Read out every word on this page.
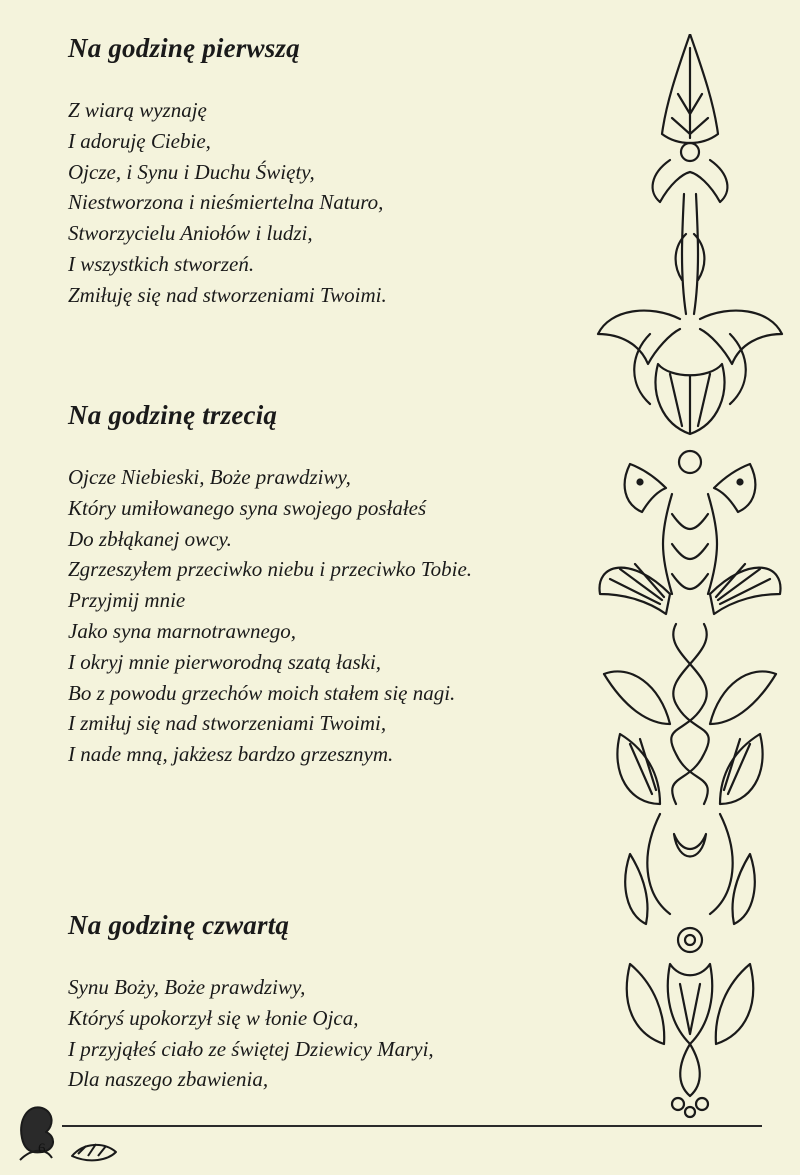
Na godzinę pierwszą
Z wiarą wyznaję
I adoruję Ciebie,
Ojcze, i Synu i Duchu Święty,
Niestworzona i nieśmiertelna Naturo,
Stworzycielu Aniołów i ludzi,
I wszystkich stworzeń.
Zmiłuję się nad stworzeniami Twoimi.
Na godzinę trzecią
Ojcze Niebieski, Boże prawdziwy,
Który umiłowanego syna swojego posłałeś
Do zbłąkanej owcy.
Zgrzeszyłem przeciwko niebu i przeciwko Tobie.
Przyjmij mnie
Jako syna marnotrawnego,
I okryj mnie pierworodną szatą łaski,
Bo z powodu grzechów moich stałem się nagi.
I zmiłuj się nad stworzeniami Twoimi,
I nade mną, jakżesz bardzo grzesznym.
Na godzinę czwartą
Synu Boży, Boże prawdziwy,
Któryś upokorzył się w łonie Ojca,
I przyjąłeś ciało ze świętej Dziewicy Maryi,
Dla naszego zbawienia,
6
